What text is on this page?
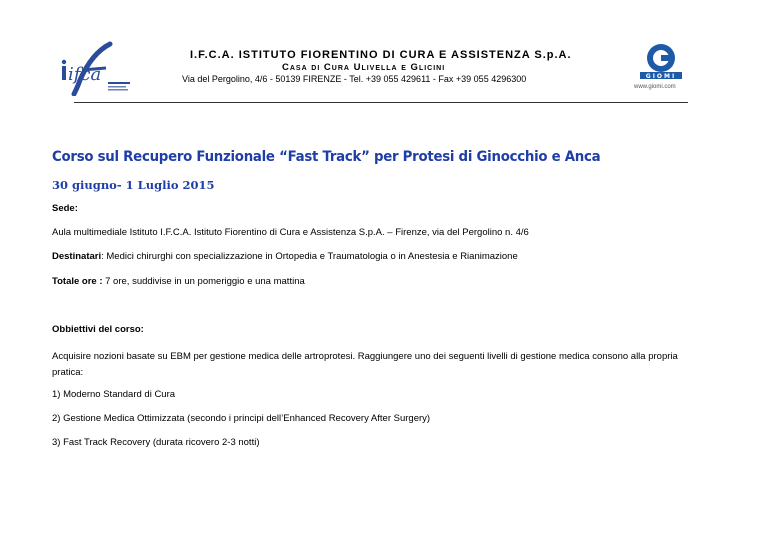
ifca
I.F.C.A. ISTITUTO FIORENTINO DI CURA E ASSISTENZA S.p.A.
Casa di Cura Ulivella e Glicini
Via del Pergolino, 4/6 - 50139 FIRENZE - Tel. +39 055 429611 - Fax +39 055 4296300	GIOMI
www.giomi.com
Corso sul Recupero Funzionale “Fast Track” per Protesi di Ginocchio e Anca
30 giugno- 1 Luglio 2015
Sede:
Aula multimediale Istituto I.F.C.A. Istituto Fiorentino di Cura e Assistenza S.p.A. – Firenze, via del Pergolino n. 4/6
Destinatari: Medici chirurghi con specializzazione in Ortopedia e Traumatologia o in Anestesia e Rianimazione
Totale ore : 7 ore, suddivise in un pomeriggio e una mattina
Obbiettivi del corso:
Acquisire nozioni basate su EBM per gestione medica delle artroprotesi. Raggiungere uno dei seguenti livelli di gestione medica consono alla propria pratica:
1) Moderno Standard di Cura
2) Gestione Medica Ottimizzata (secondo i principi dell’Enhanced Recovery After Surgery)
3) Fast Track Recovery (durata ricovero 2-3 notti)
